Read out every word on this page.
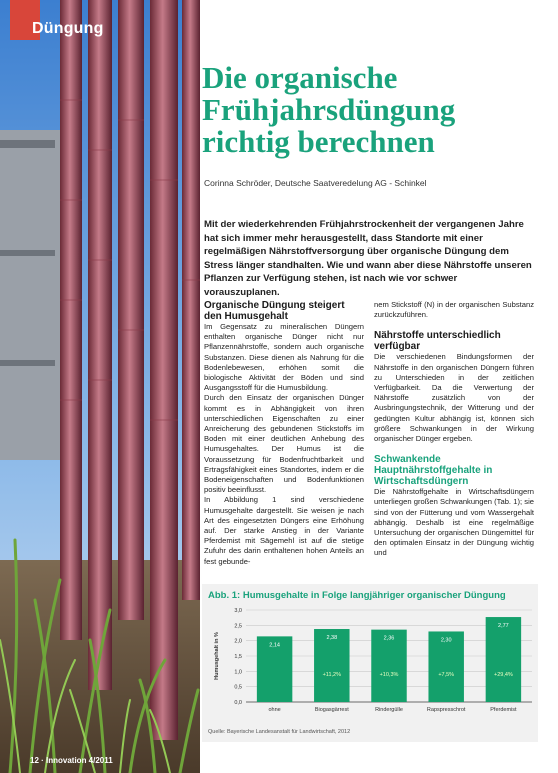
Düngung
12 · Innovation 4/2011
Die organische
Frühjahrsdüngung
richtig berechnen
Corinna Schröder, Deutsche Saatveredelung AG - Schinkel

Mit der wiederkehrenden Frühjahrstrockenheit der vergangenen Jahre hat sich immer mehr herausgestellt, dass Standorte mit einer regelmäßigen Nährstoffversorgung über organische Düngung dem Stress länger standhalten. Wie und wann aber diese Nährstoffe unseren Pflanzen zur Verfügung stehen, ist nach wie vor schwer vorauszuplanen.

Organische Düngung steigert den Humusgehalt

Im Gegensatz zu mineralischen Düngern enthalten organische Dünger nicht nur Pflanzennährstoffe, sondern auch organische Substanzen. Diese dienen als Nahrung für die Bodenlebewesen, erhöhen somit die biologische Aktivität der Böden und sind Ausgangsstoff für die Humusbildung.

Durch den Einsatz der organischen Dünger kommt es in Abhängigkeit von ihren unterschiedlichen Eigenschaften zu einer Anreicherung des gebundenen Stickstoffs im Boden mit einer deutlichen Anhebung des Humusgehaltes. Der Humus ist die Voraussetzung für Bodenfruchtbarkeit und Ertragsfähigkeit eines Standortes, indem er die Bodeneigenschaften und Bodenfunktionen positiv beeinflusst.

In Abbildung 1 sind verschiedene Humusgehalte dargestellt. Sie weisen je nach Art des eingesetzten Düngers eine Erhöhung auf. Der starke Anstieg in der Variante Pferdemist mit Sägemehl ist auf die stetige Zufuhr des darin enthaltenen hohen Anteils an fest gebunde-

nem Stickstoff (N) in der organischen Substanz zurückzuführen.

Nährstoffe unterschiedlich verfügbar

Die verschiedenen Bindungsformen der Nährstoffe in den organischen Düngern führen zu Unterschieden in der zeitlichen Verfügbarkeit. Da die Verwertung der Nährstoffe zusätzlich von der Ausbringungstechnik, der Witterung und der gedüngten Kultur abhängig ist, können sich größere Schwankungen in der Wirkung organischer Dünger ergeben.

Schwankende Hauptnährstoffgehalte in Wirtschaftsdüngern

Die Nährstoffgehalte in Wirtschaftsdüngern unterliegen großen Schwankungen (Tab. 1); sie sind von der Fütterung und vom Wassergehalt abhängig. Deshalb ist eine regelmäßige Untersuchung der organischen Düngemittel für den optimalen Einsatz in der Düngung wichtig und

Abb. 1: Humusgehalte in Folge langjähriger organischer Düngung
0,0
0,5
1,0
1,5
2,0
2,5
3,0
Humusgehalt in %	2,14
ohne
2,38
+11,2%
Biogasgärrest
2,36
+10,3%
Rindergülle
2,30
+7,5%
Rapspresschrot
2,77
+29,4%
Pferdemist
Quelle: Bayerische Landesanstalt für Landwirtschaft, 2012
